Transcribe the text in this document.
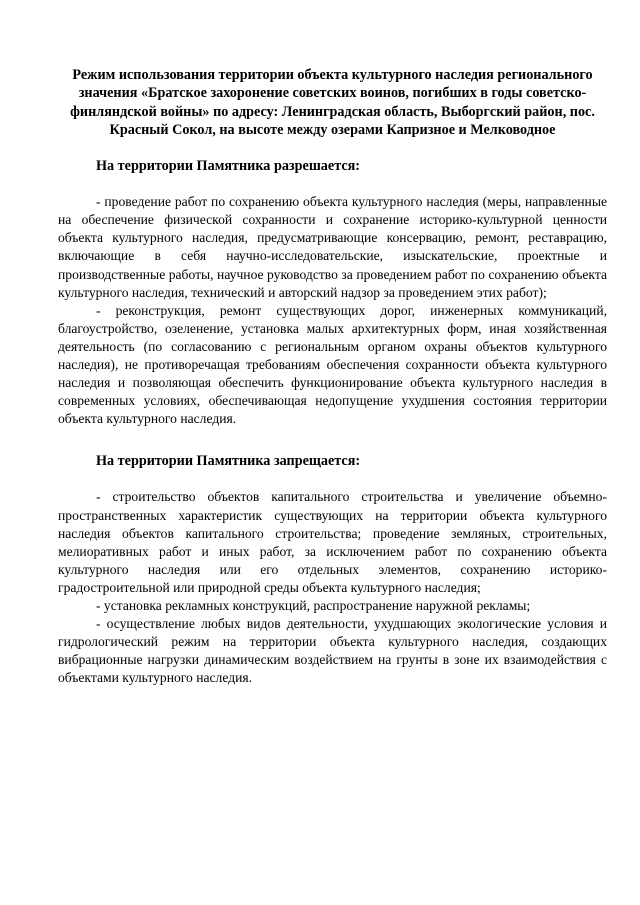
Режим использования территории объекта культурного наследия регионального значения «Братское захоронение советских воинов, погибших в годы советско-финляндской войны» по адресу: Ленинградская область, Выборгский район, пос. Красный Сокол, на высоте между озерами Капризное и Мелководное

На территории Памятника разрешается:

- проведение работ по сохранению объекта культурного наследия (меры, направленные на обеспечение физической сохранности и сохранение историко-культурной ценности объекта культурного наследия, предусматривающие консервацию, ремонт, реставрацию, включающие в себя научно-исследовательские, изыскательские, проектные и производственные работы, научное руководство за проведением работ по сохранению объекта культурного наследия, технический и авторский надзор за проведением этих работ);
- реконструкция, ремонт существующих дорог, инженерных коммуникаций, благоустройство, озеленение, установка малых архитектурных форм, иная хозяйственная деятельность (по согласованию с региональным органом охраны объектов культурного наследия), не противоречащая требованиям обеспечения сохранности объекта культурного наследия и позволяющая обеспечить функционирование объекта культурного наследия в современных условиях, обеспечивающая недопущение ухудшения состояния территории объекта культурного наследия.

На территории Памятника запрещается:

- строительство объектов капитального строительства и увеличение объемно-пространственных характеристик существующих на территории объекта культурного наследия объектов капитального строительства; проведение земляных, строительных, мелиоративных работ и иных работ, за исключением работ по сохранению объекта культурного наследия или его отдельных элементов, сохранению историко-градостроительной или природной среды объекта культурного наследия;
- установка рекламных конструкций, распространение наружной рекламы;
- осуществление любых видов деятельности, ухудшающих экологические условия и гидрологический режим на территории объекта культурного наследия, создающих вибрационные нагрузки динамическим воздействием на грунты в зоне их взаимодействия с объектами культурного наследия.
